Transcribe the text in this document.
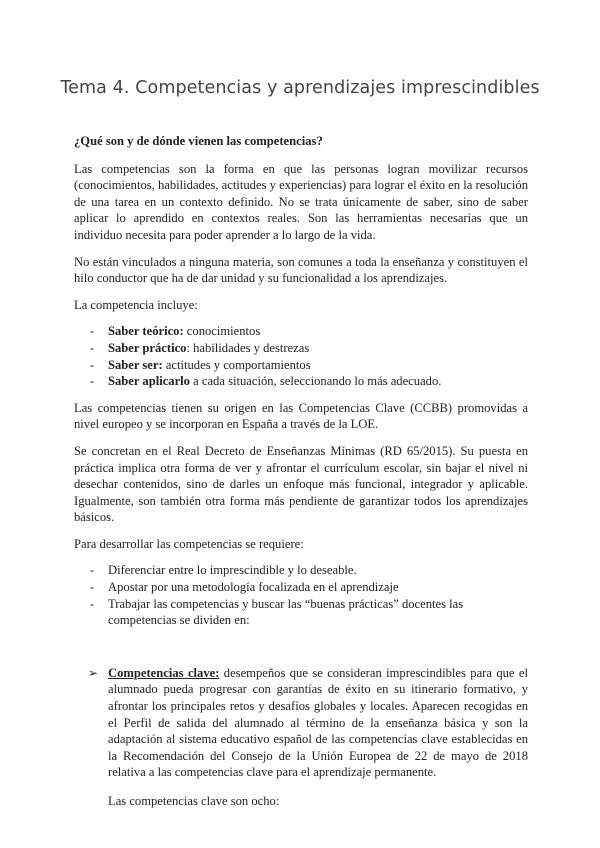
Tema 4. Competencias y aprendizajes imprescindibles
¿Qué son y de dónde vienen las competencias?

Las competencias son la forma en que las personas logran movilizar recursos (conocimientos, habilidades, actitudes y experiencias) para lograr el éxito en la resolución de una tarea en un contexto definido. No se trata únicamente de saber, sino de saber aplicar lo aprendido en contextos reales. Son las herramientas necesarias que un individuo necesita para poder aprender a lo largo de la vida.

No están vinculados a ninguna materia, son comunes a toda la enseñanza y constituyen el hilo conductor que ha de dar unidad y su funcionalidad a los aprendizajes.

La competencia incluye:

- Saber teórico: conocimientos
- Saber práctico: habilidades y destrezas
- Saber ser: actitudes y comportamientos
- Saber aplicarlo a cada situación, seleccionando lo más adecuado.

Las competencias tienen su origen en las Competencias Clave (CCBB) promovidas a nivel europeo y se incorporan en España a través de la LOE.

Se concretan en el Real Decreto de Enseñanzas Mínimas (RD 65/2015). Su puesta en práctica implica otra forma de ver y afrontar el currículum escolar, sin bajar el nivel ni desechar contenidos, sino de darles un enfoque más funcional, integrador y aplicable. Igualmente, son también otra forma más pendiente de garantizar todos los aprendizajes básicos.

Para desarrollar las competencias se requiere:

- Diferenciar entre lo imprescindible y lo deseable.
- Apostar por una metodología focalizada en el aprendizaje
- Trabajar las competencias y buscar las “buenas prácticas” docentes las competencias se dividen en:
➢ Competencias clave: desempeños que se consideran imprescindibles para que el alumnado pueda progresar con garantías de éxito en su itinerario formativo, y afrontar los principales retos y desafíos globales y locales. Aparecen recogidas en el Perfil de salida del alumnado al término de la enseñanza básica y son la adaptación al sistema educativo español de las competencias clave establecidas en la Recomendación del Consejo de la Unión Europea de 22 de mayo de 2018 relativa a las competencias clave para el aprendizaje permanente.

Las competencias clave son ocho:
